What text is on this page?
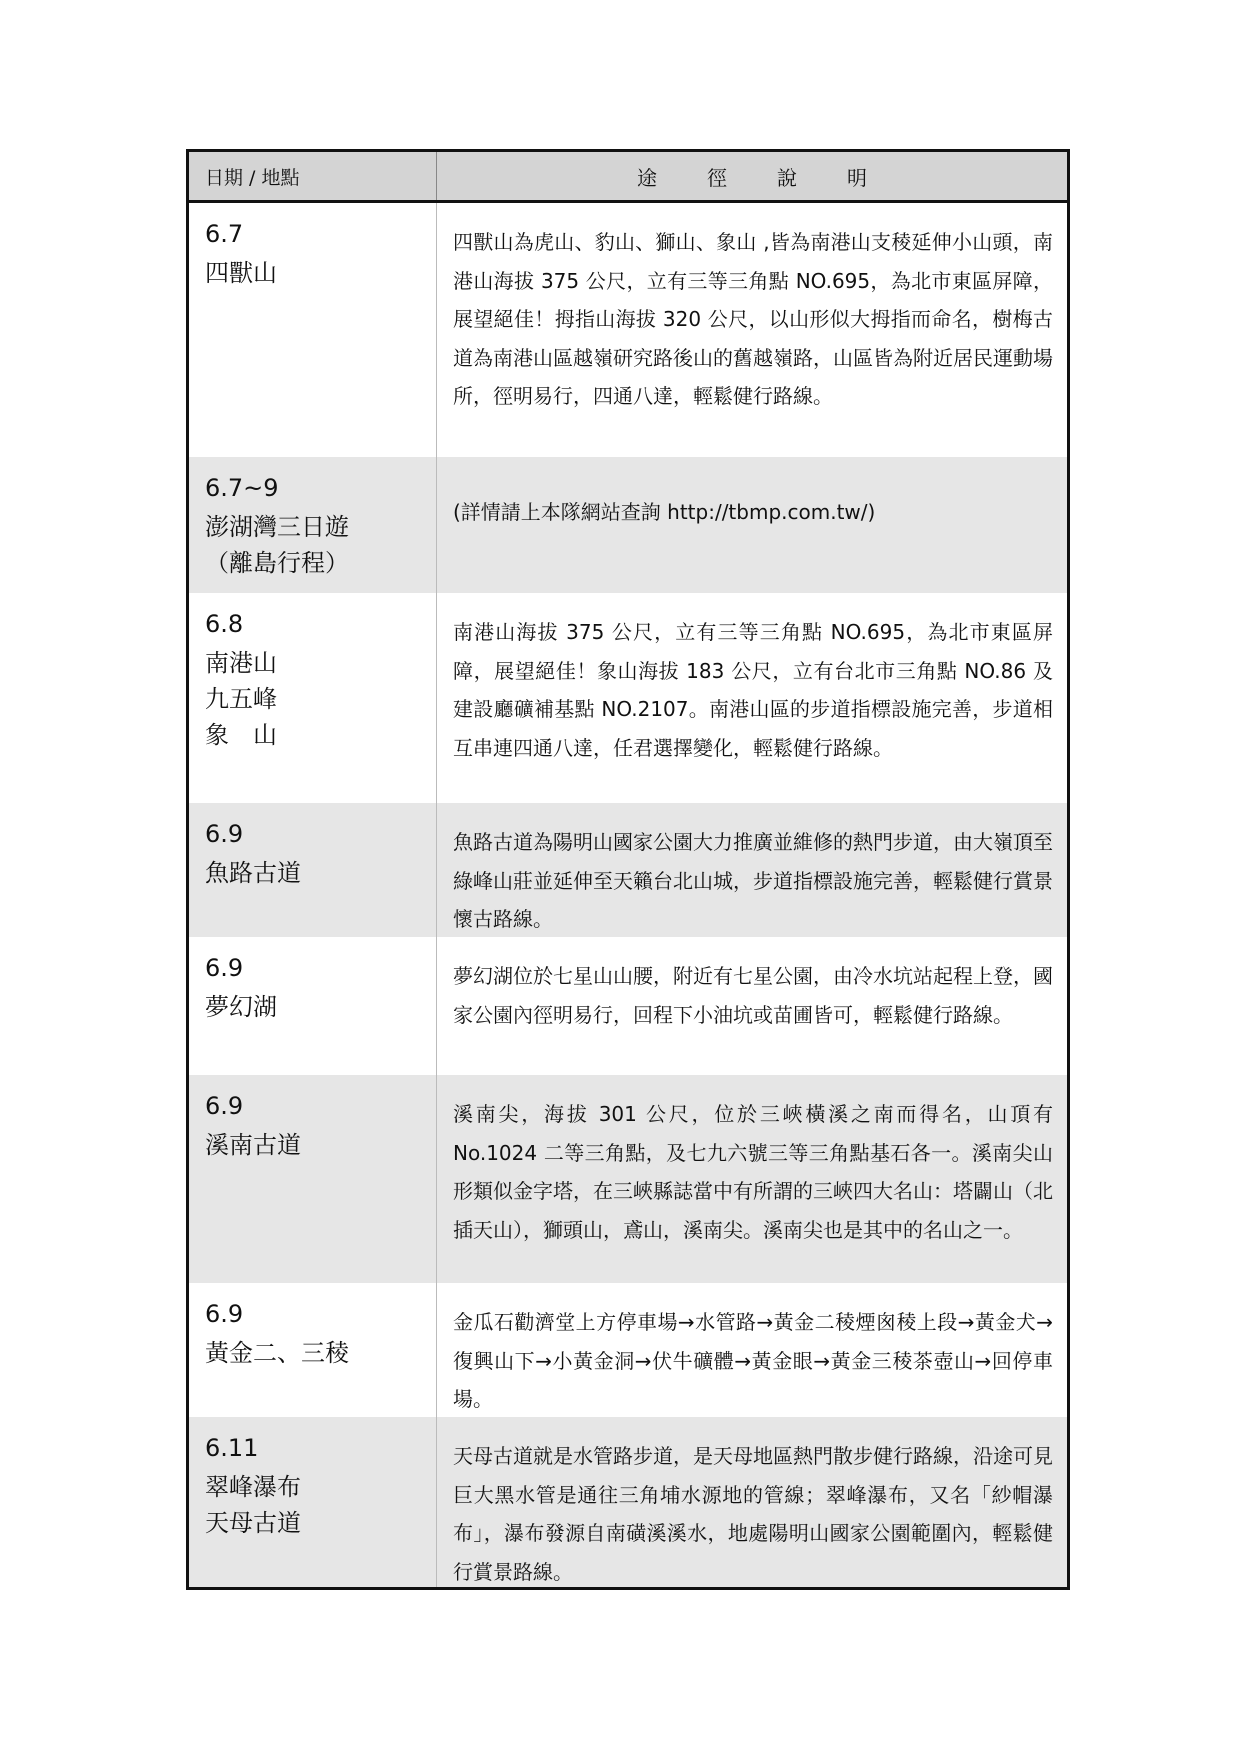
日期 / 地點	途徑說明
6.7
四獸山
四獸山為虎山、豹山、獅山、象山 ,皆為南港山支稜延伸小山頭，南港山海拔 375 公尺，立有三等三角點 NO.695，為北市東區屏障，展望絕佳！拇指山海拔 320 公尺，以山形似大拇指而命名，樹梅古道為南港山區越嶺研究路後山的舊越嶺路，山區皆為附近居民運動場所，徑明易行，四通八達，輕鬆健行路線。
6.7~9
澎湖灣三日遊
（離島行程）
(詳情請上本隊網站查詢 http://tbmp.com.tw/)
6.8
南港山
九五峰
象　山
南港山海拔 375 公尺，立有三等三角點 NO.695，為北市東區屏障，展望絕佳！象山海拔 183 公尺，立有台北市三角點 NO.86 及建設廳礦補基點 NO.2107。南港山區的步道指標設施完善，步道相互串連四通八達，任君選擇變化，輕鬆健行路線。
6.9
魚路古道
魚路古道為陽明山國家公園大力推廣並維修的熱門步道，由大嶺頂至綠峰山莊並延伸至天籟台北山城，步道指標設施完善，輕鬆健行賞景懷古路線。
6.9
夢幻湖
夢幻湖位於七星山山腰，附近有七星公園，由冷水坑站起程上登，國家公園內徑明易行，回程下小油坑或苗圃皆可，輕鬆健行路線。
6.9
溪南古道
溪南尖，海拔 301 公尺，位於三峽橫溪之南而得名，山頂有 No.1024 二等三角點，及七九六號三等三角點基石各一。溪南尖山形類似金字塔，在三峽縣誌當中有所謂的三峽四大名山：塔闢山（北插天山），獅頭山，鳶山，溪南尖。溪南尖也是其中的名山之一。
6.9
黃金二、三稜
金瓜石勸濟堂上方停車場→水管路→黃金二稜煙囪稜上段→黃金犬→復興山下→小黃金洞→伏牛礦體→黃金眼→黃金三稜茶壺山→回停車場。
6.11
翠峰瀑布
天母古道
天母古道就是水管路步道，是天母地區熱門散步健行路線，沿途可見巨大黑水管是通往三角埔水源地的管線；翠峰瀑布，又名「紗帽瀑布」，瀑布發源自南磺溪溪水，地處陽明山國家公園範圍內，輕鬆健行賞景路線。
